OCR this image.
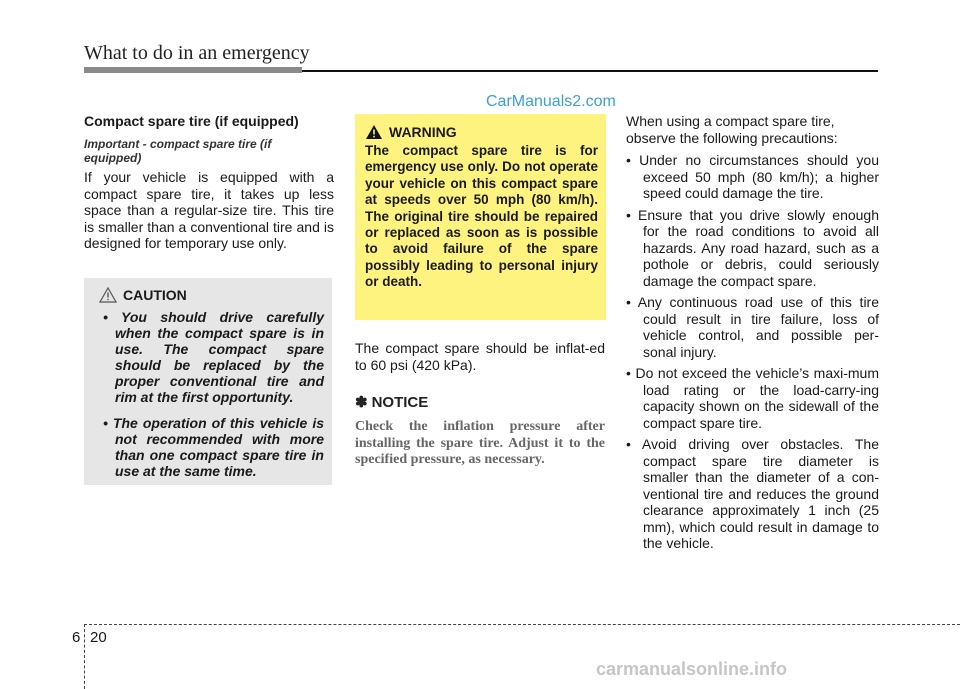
What to do in an emergency
CarManuals2.com

Compact spare tire (if equipped)

Important - compact spare tire (if equipped)

If your vehicle is equipped with a compact spare tire, it takes up less space than a regular-size tire. This tire is smaller than a conventional tire and is designed for temporary use only.

CAUTION
• You should drive carefully when the compact spare is in use. The compact spare should be replaced by the proper conventional tire and rim at the first opportunity.
• The operation of this vehicle is not recommended with more than one compact spare tire in use at the same time.
WARNING

The compact spare tire is for emergency use only. Do not operate your vehicle on this compact spare at speeds over 50 mph (80 km/h). The original tire should be repaired or replaced as soon as is possible to avoid failure of the spare possibly leading to personal injury or death.

The compact spare should be inflat-ed to 60 psi (420 kPa).

✽ NOTICE

Check the inflation pressure after installing the spare tire. Adjust it to the specified pressure, as necessary.

When using a compact spare tire, observe the following precautions:

• Under no circumstances should you exceed 50 mph (80 km/h); a higher speed could damage the tire.
• Ensure that you drive slowly enough for the road conditions to avoid all hazards. Any road hazard, such as a pothole or debris, could seriously damage the compact spare.
• Any continuous road use of this tire could result in tire failure, loss of vehicle control, and possible per-sonal injury.
• Do not exceed the vehicle’s maxi-mum load rating or the load-carry-ing capacity shown on the sidewall of the compact spare tire.
• Avoid driving over obstacles. The compact spare tire diameter is smaller than the diameter of a con-ventional tire and reduces the ground clearance approximately 1 inch (25 mm), which could result in damage to the vehicle.
6 20
carmanualsonline.info
